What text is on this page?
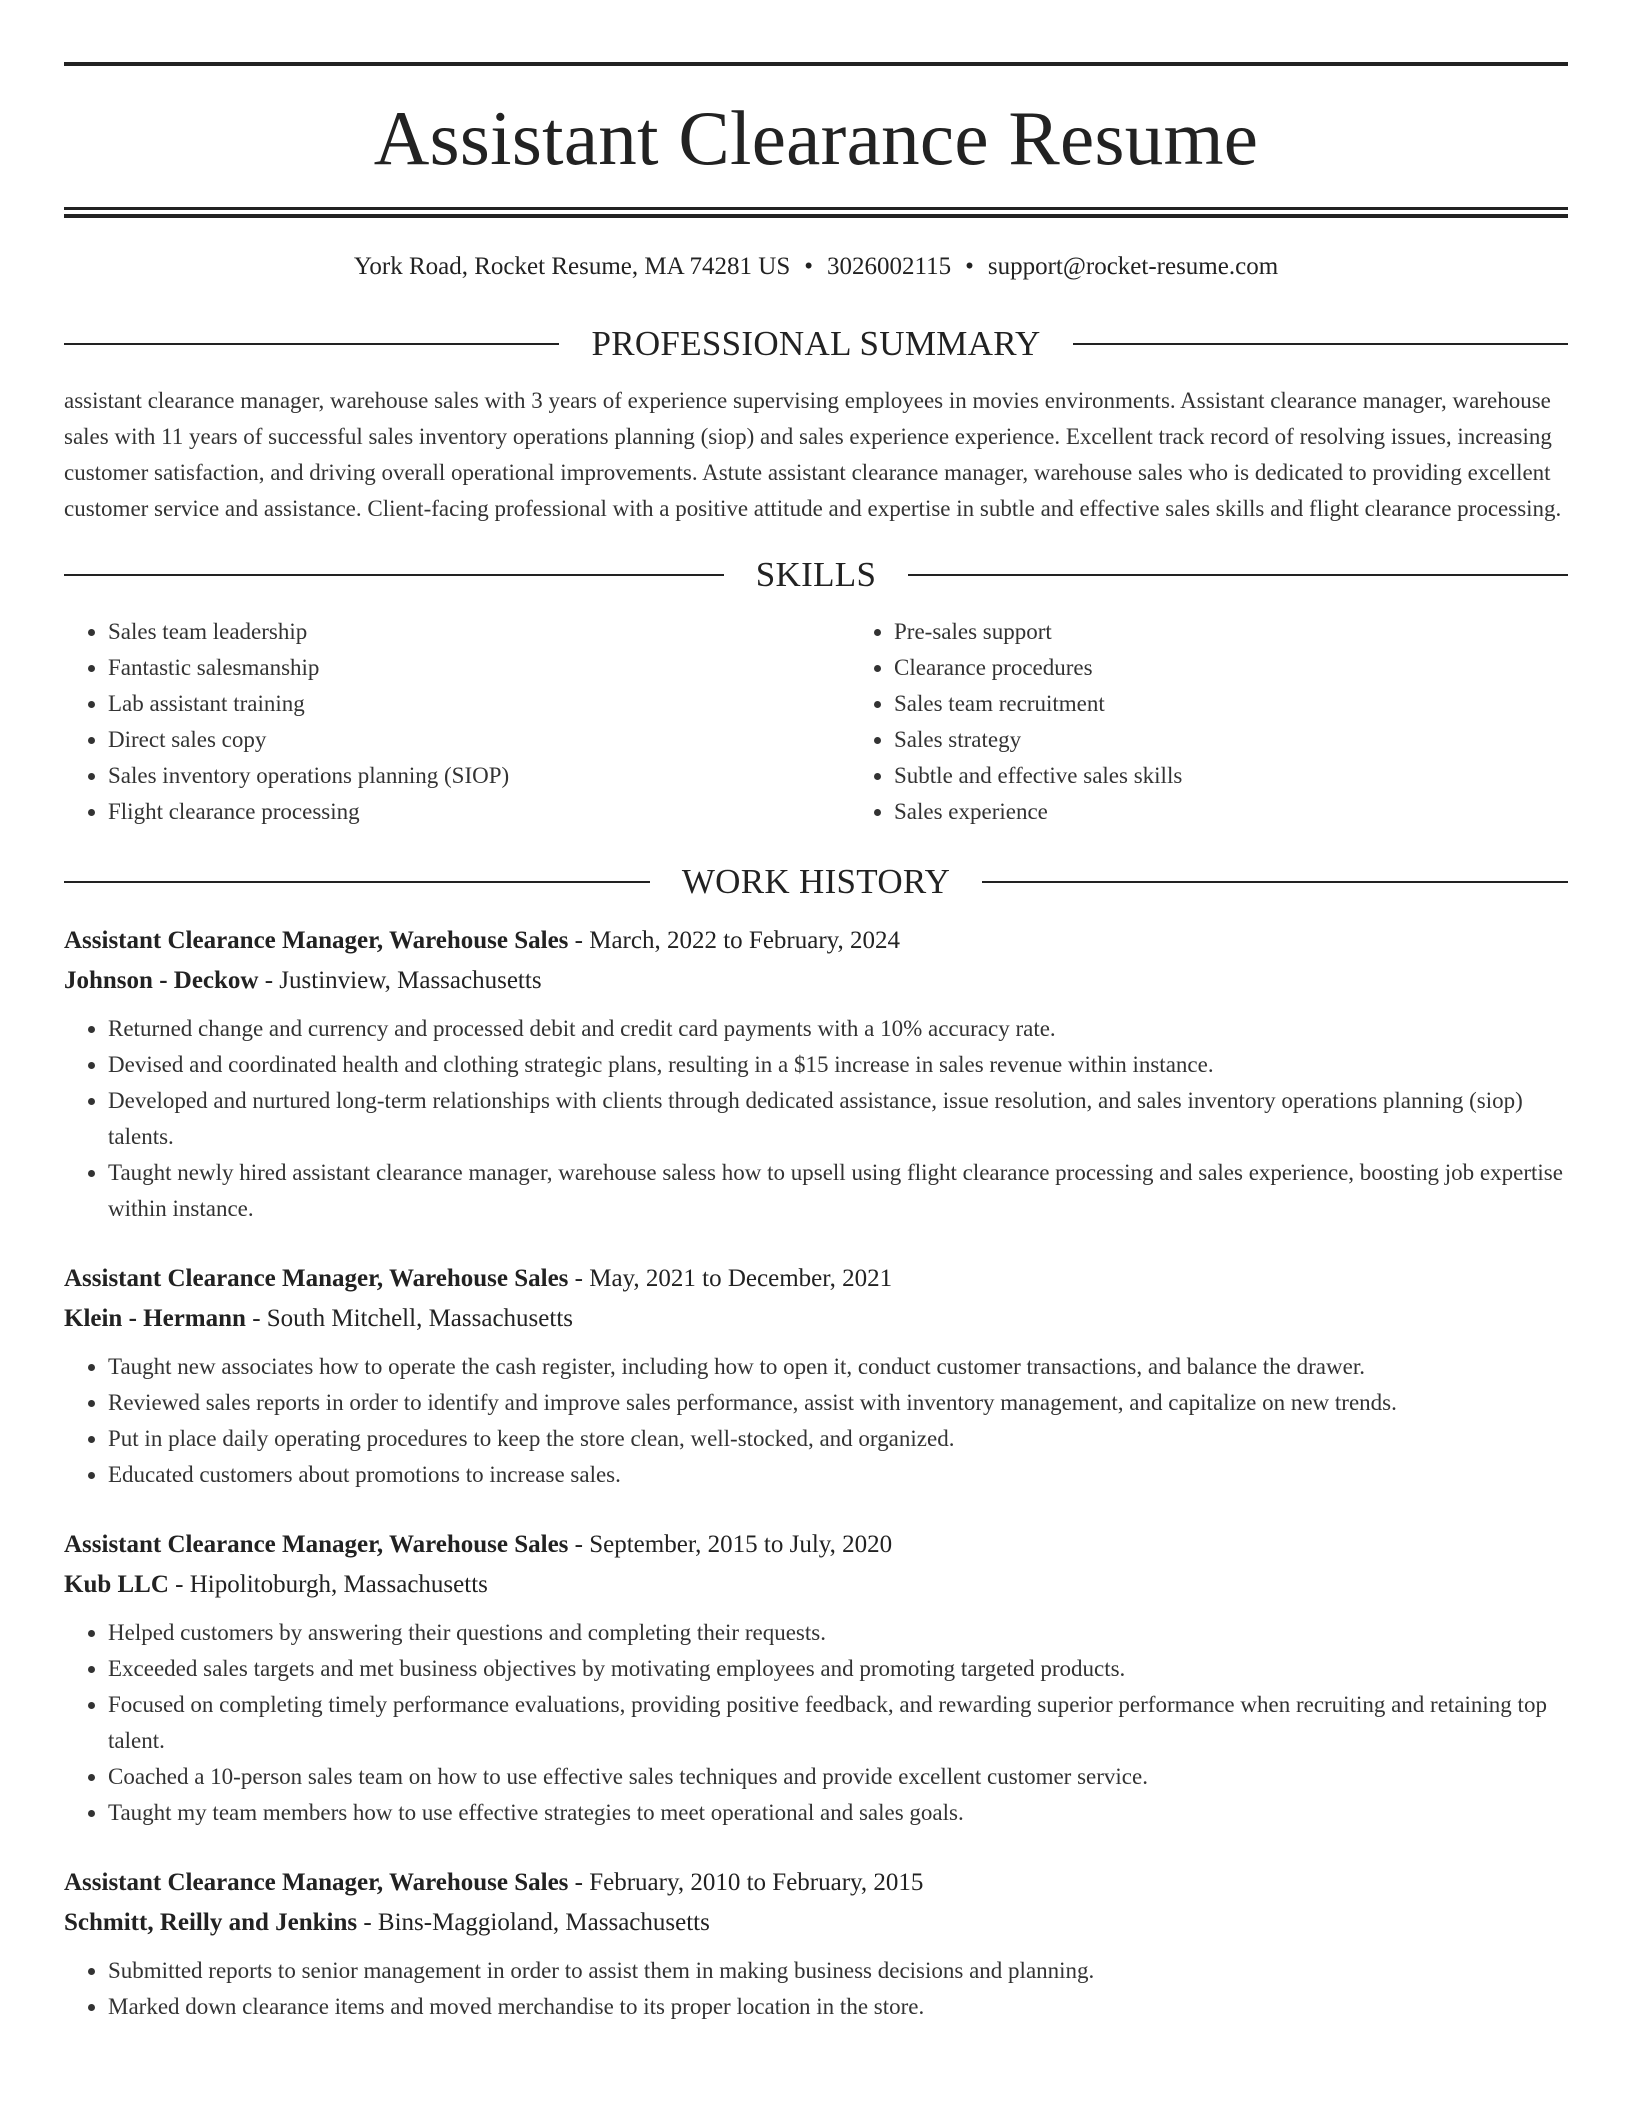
Assistant Clearance Resume
York Road, Rocket Resume, MA 74281 US • 3026002115 • support@rocket-resume.com
PROFESSIONAL SUMMARY
assistant clearance manager, warehouse sales with 3 years of experience supervising employees in movies environments. Assistant clearance manager, warehouse sales with 11 years of successful sales inventory operations planning (siop) and sales experience experience. Excellent track record of resolving issues, increasing customer satisfaction, and driving overall operational improvements. Astute assistant clearance manager, warehouse sales who is dedicated to providing excellent customer service and assistance. Client-facing professional with a positive attitude and expertise in subtle and effective sales skills and flight clearance processing.
SKILLS
• Sales team leadership
• Fantastic salesmanship
• Lab assistant training
• Direct sales copy
• Sales inventory operations planning (SIOP)
• Flight clearance processing
• Pre-sales support
• Clearance procedures
• Sales team recruitment
• Sales strategy
• Subtle and effective sales skills
• Sales experience
WORK HISTORY
Assistant Clearance Manager, Warehouse Sales - March, 2022 to February, 2024
Johnson - Deckow - Justinview, Massachusetts
• Returned change and currency and processed debit and credit card payments with a 10% accuracy rate.
• Devised and coordinated health and clothing strategic plans, resulting in a $15 increase in sales revenue within instance.
• Developed and nurtured long-term relationships with clients through dedicated assistance, issue resolution, and sales inventory operations planning (siop) talents.
• Taught newly hired assistant clearance manager, warehouse saless how to upsell using flight clearance processing and sales experience, boosting job expertise within instance.
Assistant Clearance Manager, Warehouse Sales - May, 2021 to December, 2021
Klein - Hermann - South Mitchell, Massachusetts
• Taught new associates how to operate the cash register, including how to open it, conduct customer transactions, and balance the drawer.
• Reviewed sales reports in order to identify and improve sales performance, assist with inventory management, and capitalize on new trends.
• Put in place daily operating procedures to keep the store clean, well-stocked, and organized.
• Educated customers about promotions to increase sales.
Assistant Clearance Manager, Warehouse Sales - September, 2015 to July, 2020
Kub LLC - Hipolitoburgh, Massachusetts
• Helped customers by answering their questions and completing their requests.
• Exceeded sales targets and met business objectives by motivating employees and promoting targeted products.
• Focused on completing timely performance evaluations, providing positive feedback, and rewarding superior performance when recruiting and retaining top talent.
• Coached a 10-person sales team on how to use effective sales techniques and provide excellent customer service.
• Taught my team members how to use effective strategies to meet operational and sales goals.
Assistant Clearance Manager, Warehouse Sales - February, 2010 to February, 2015
Schmitt, Reilly and Jenkins - Bins-Maggioland, Massachusetts
• Submitted reports to senior management in order to assist them in making business decisions and planning.
• Marked down clearance items and moved merchandise to its proper location in the store.
